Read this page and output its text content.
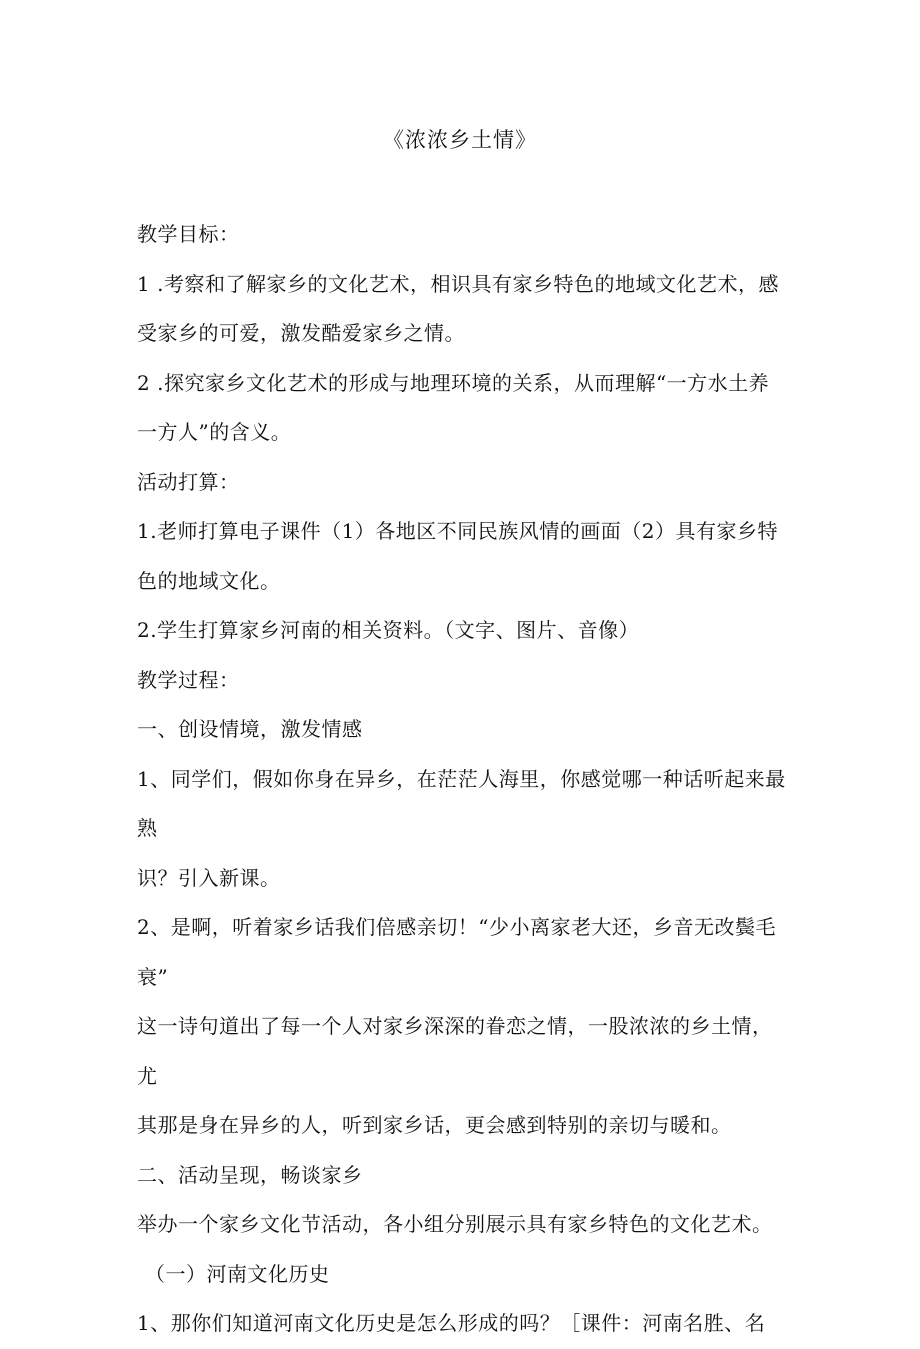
《浓浓乡土情》

教学目标：

1 .考察和了解家乡的文化艺术，相识具有家乡特色的地域文化艺术，感

受家乡的可爱，激发酷爱家乡之情。

2 .探究家乡文化艺术的形成与地理环境的关系，从而理解“一方水土养

一方人”的含义。

活动打算：

1.老师打算电子课件（1）各地区不同民族风情的画面（2）具有家乡特

色的地域文化。

2.学生打算家乡河南的相关资料。（文字、图片、音像）

教学过程：

一、创设情境，激发情感

1、同学们，假如你身在异乡，在茫茫人海里，你感觉哪一种话听起来最熟

识？引入新课。

2、是啊，听着家乡话我们倍感亲切！“少小离家老大还，乡音无改鬓毛衰”

这一诗句道出了每一个人对家乡深深的眷恋之情，一股浓浓的乡土情，尤

其那是身在异乡的人，听到家乡话，更会感到特别的亲切与暖和。

二、活动呈现，畅谈家乡

举办一个家乡文化节活动，各小组分别展示具有家乡特色的文化艺术。

（一）河南文化历史

1、那你们知道河南文化历史是怎么形成的吗？［课件：河南名胜、名
